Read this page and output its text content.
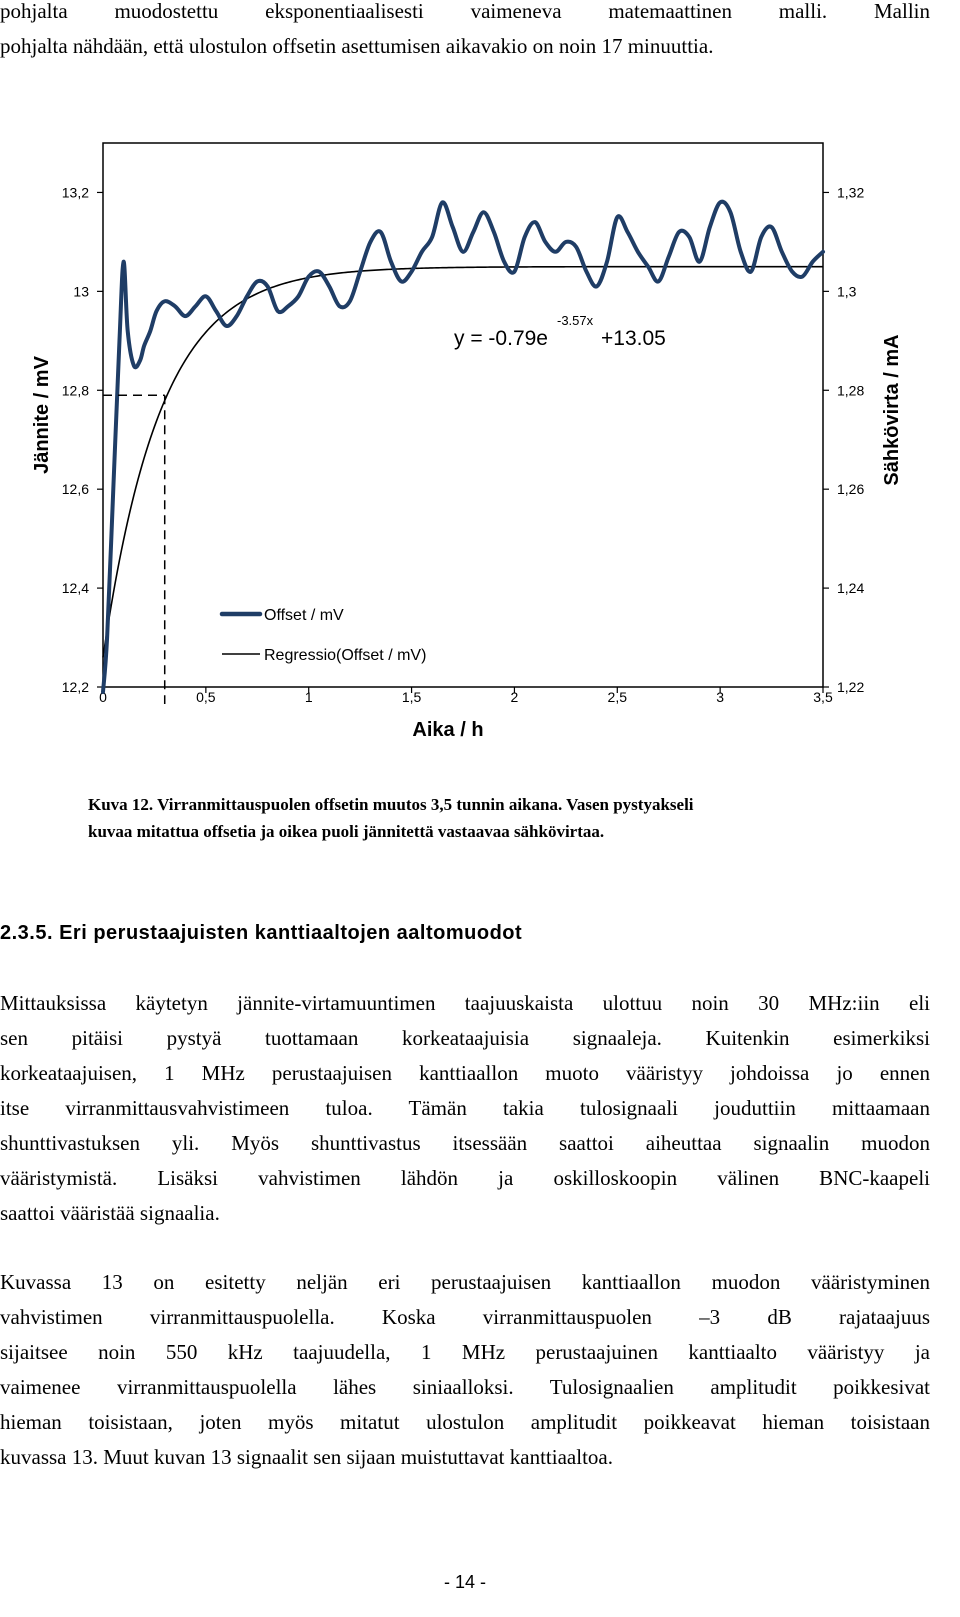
pohjalta muodostettu eksponentiaalisesti vaimeneva matemaattinen malli. Mallin
pohjalta nähdään, että ulostulon offsetin asettumisen aikavakio on noin 17 minuuttia.
12,2
12,4
12,6
12,8
13
13,2
1,22
1,24
1,26
1,28
1,3
1,32
0	0,5	1	1,5	2	2,5	3	3,5
y = -0.79e
-3.57x
+13.05
Offset / mV
Regressio(Offset / mV)
Aika / h
Jännite / mV	Sähkövirta / mA
Kuva 12. Virranmittauspuolen offsetin muutos 3,5 tunnin aikana. Vasen pystyakseli
kuvaa mitattua offsetia ja oikea puoli jännitettä vastaavaa sähkövirtaa.
2.3.5. Eri perustaajuisten kanttiaaltojen aaltomuodot
Mittauksissa käytetyn jännite-virtamuuntimen taajuuskaista ulottuu noin 30 MHz:iin eli
sen pitäisi pystyä tuottamaan korkeataajuisia signaaleja. Kuitenkin esimerkiksi
korkeataajuisen, 1 MHz perustaajuisen kanttiaallon muoto vääristyy johdoissa jo ennen
itse virranmittausvahvistimeen tuloa. Tämän takia tulosignaali jouduttiin mittaamaan
shunttivastuksen yli. Myös shunttivastus itsessään saattoi aiheuttaa signaalin muodon
vääristymistä. Lisäksi vahvistimen lähdön ja oskilloskoopin välinen BNC-kaapeli
saattoi vääristää signaalia.
Kuvassa 13 on esitetty neljän eri perustaajuisen kanttiaallon muodon vääristyminen
vahvistimen virranmittauspuolella. Koska virranmittauspuolen –3 dB rajataajuus
sijaitsee noin 550 kHz taajuudella, 1 MHz perustaajuinen kanttiaalto vääristyy ja
vaimenee virranmittauspuolella lähes siniaalloksi. Tulosignaalien amplitudit poikkesivat
hieman toisistaan, joten myös mitatut ulostulon amplitudit poikkeavat hieman toisistaan
kuvassa 13. Muut kuvan 13 signaalit sen sijaan muistuttavat kanttiaaltoa.
- 14 -
